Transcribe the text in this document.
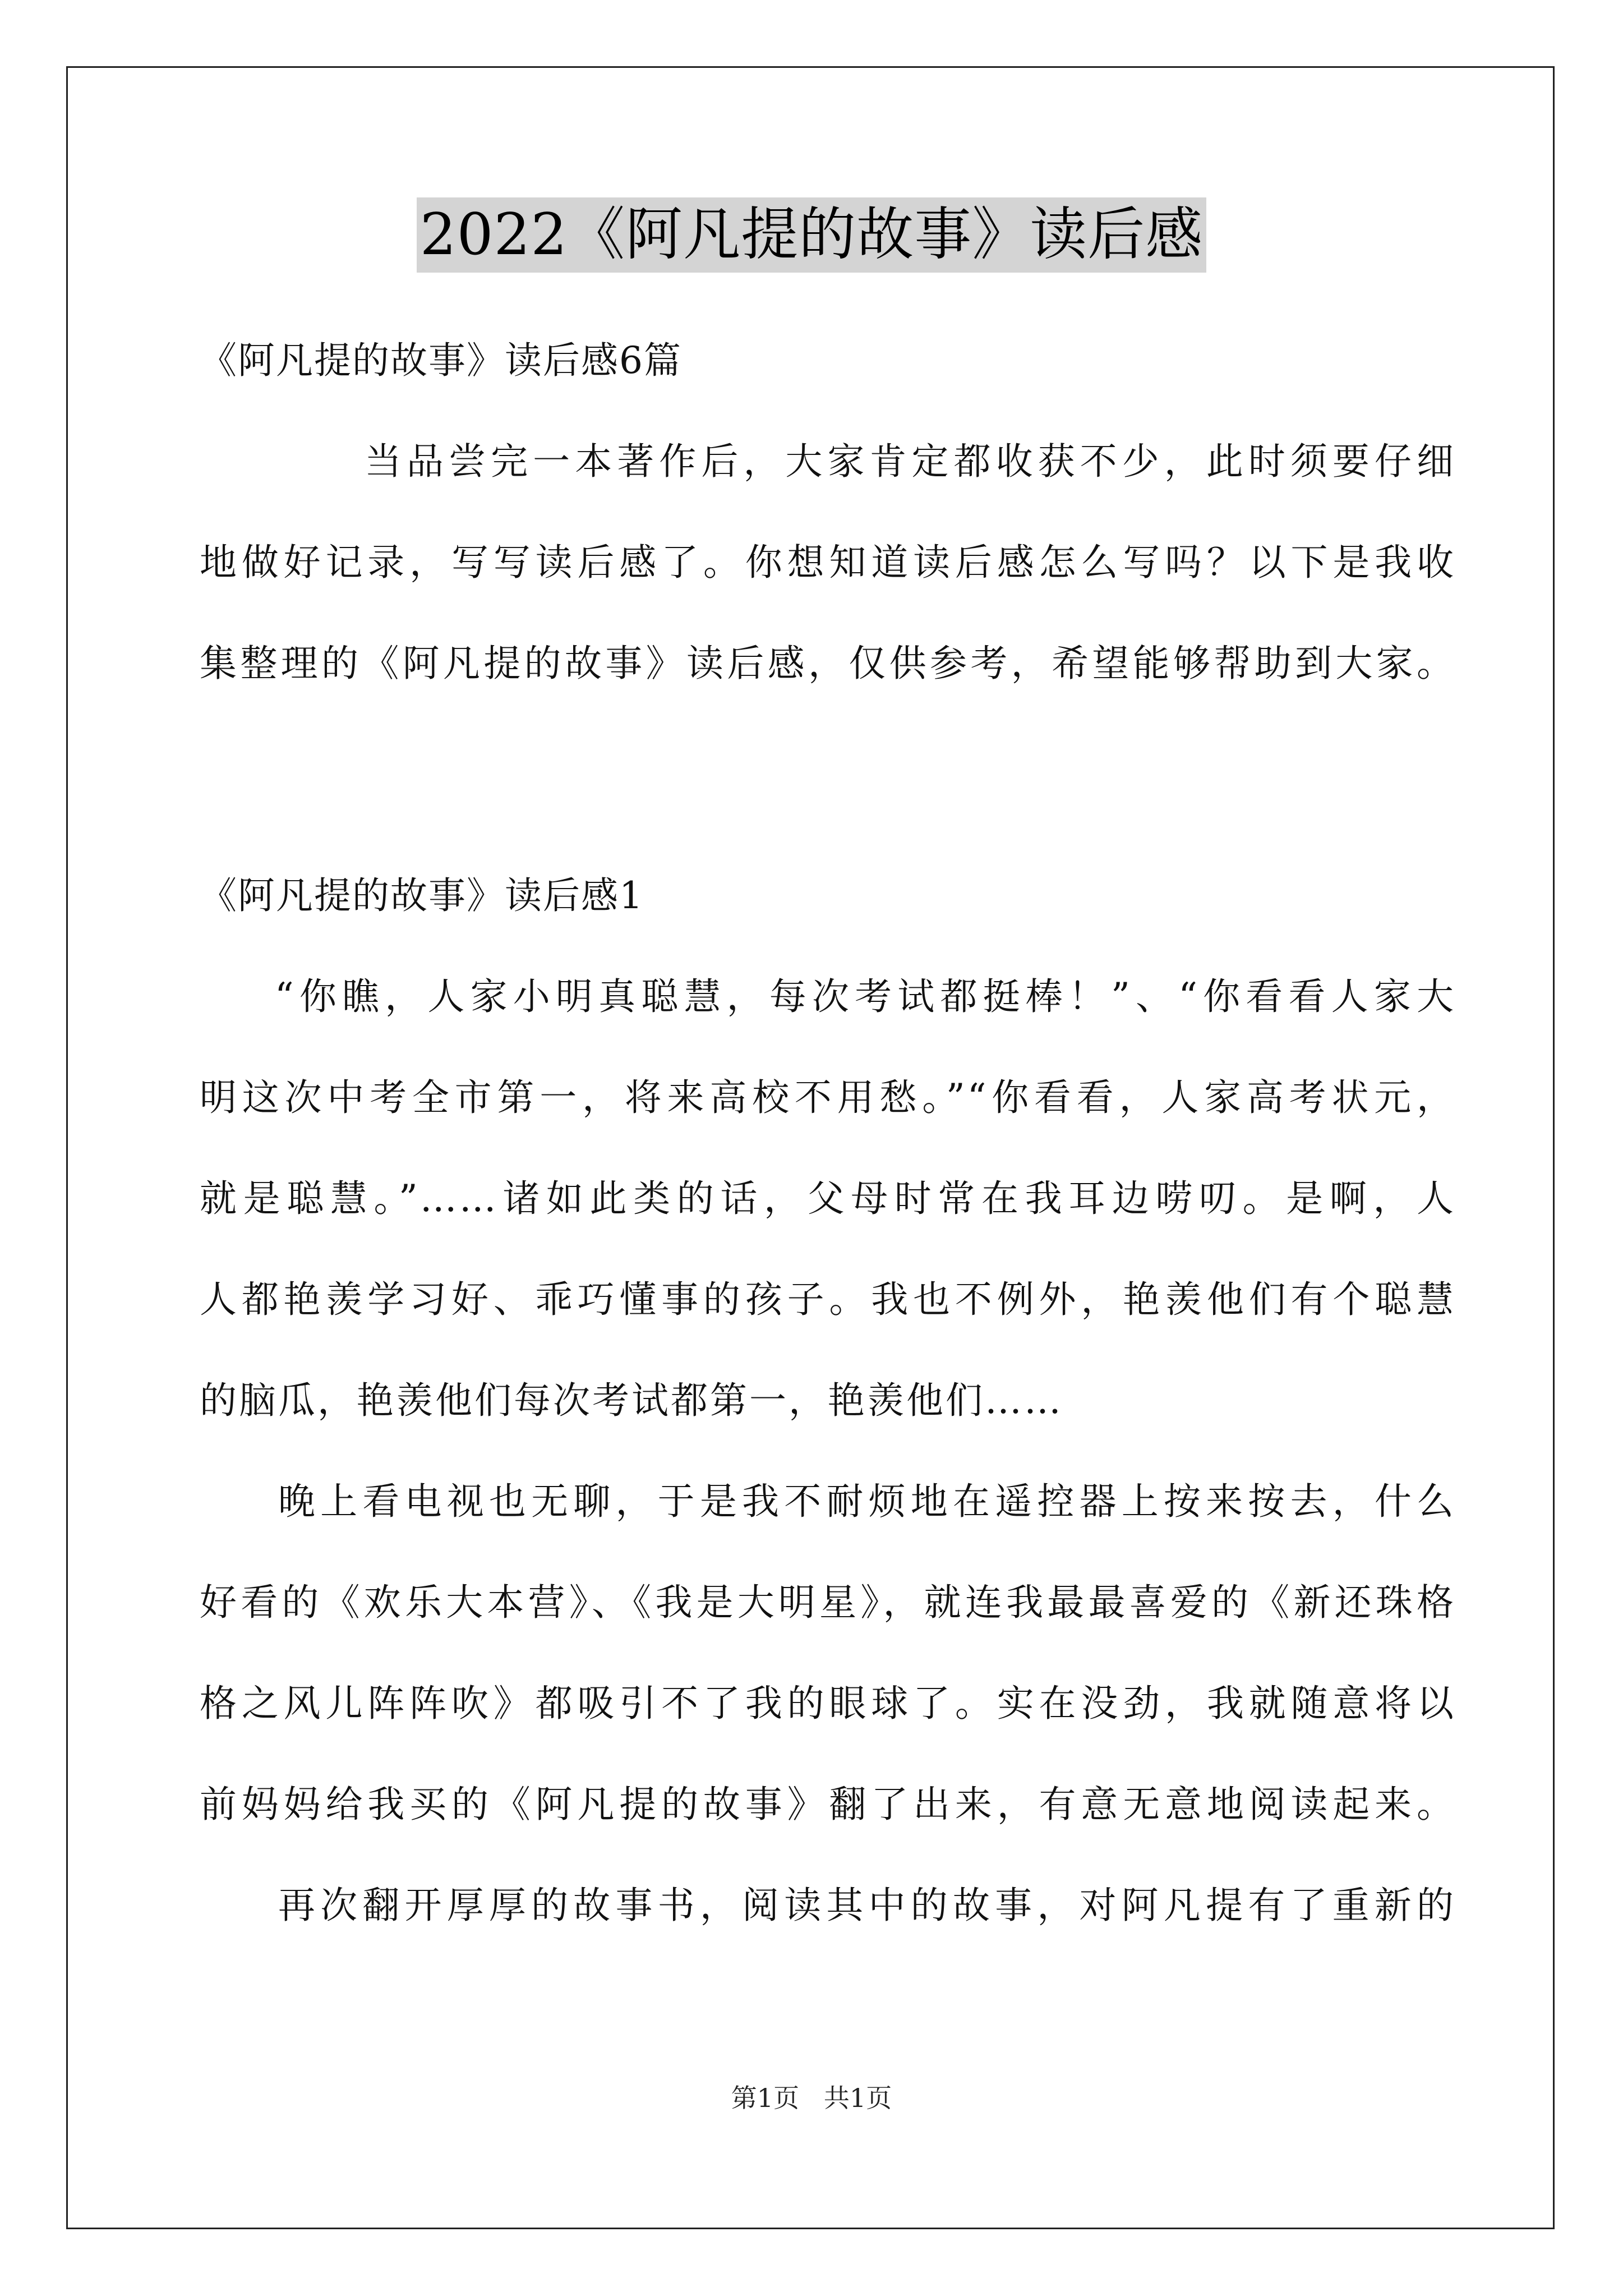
2022《阿凡提的故事》读后感
《阿凡提的故事》读后感6篇
当品尝完一本著作后，大家肯定都收获不少，此时须要仔细
地做好记录，写写读后感了。你想知道读后感怎么写吗？以下是我收
集整理的《阿凡提的故事》读后感，仅供参考，希望能够帮助到大家。
《阿凡提的故事》读后感1
“你瞧，人家小明真聪慧，每次考试都挺棒！”、“你看看人家大
明这次中考全市第一，将来高校不用愁。”“你看看，人家高考状元，
就是聪慧。”……诸如此类的话，父母时常在我耳边唠叨。是啊，人
人都艳羡学习好、乖巧懂事的孩子。我也不例外，艳羡他们有个聪慧
的脑瓜，艳羡他们每次考试都第一，艳羡他们……
晚上看电视也无聊，于是我不耐烦地在遥控器上按来按去，什么
好看的《欢乐大本营》、《我是大明星》，就连我最最喜爱的《新还珠格
格之风儿阵阵吹》都吸引不了我的眼球了。实在没劲，我就随意将以
前妈妈给我买的《阿凡提的故事》翻了出来，有意无意地阅读起来。
再次翻开厚厚的故事书，阅读其中的故事，对阿凡提有了重新的
第1页   共1页
